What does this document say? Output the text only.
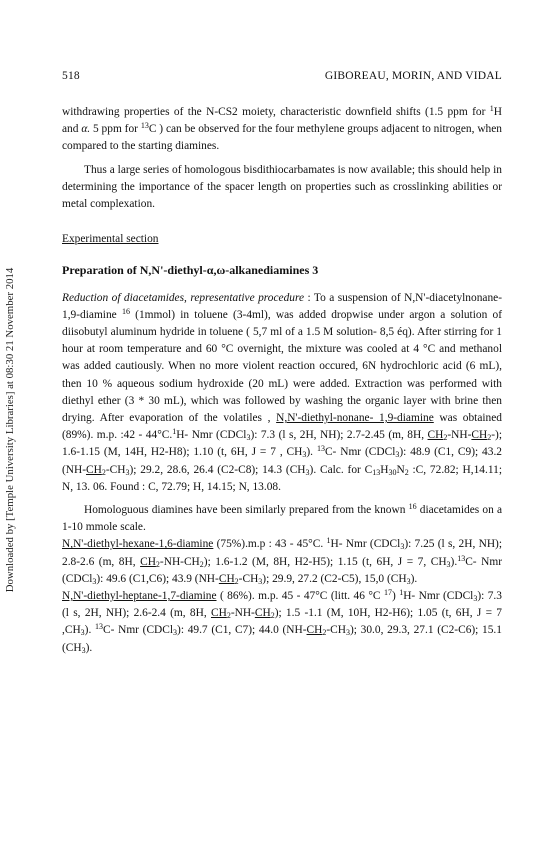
Downloaded by [Temple University Libraries] at 08:30 21 November 2014
518	GIBOREAU, MORIN, AND VIDAL

withdrawing properties of the N-CS2 moiety, characteristic downfield shifts (1.5 ppm for $^1$H and α. 5 ppm for $^{13}$C ) can be observed for the four methylene groups adjacent to nitrogen, when compared to the starting diamines.

Thus a large series of homologous bisdithiocarbamates is now available; this should help in determining the importance of the spacer length on properties such as crosslinking abilities or metal complexation.

Experimental section

Preparation of N,N'-diethyl-α,ω-alkanediamines 3

Reduction of diacetamides, representative procedure : To a suspension of N,N'-diacetylnonane-1,9-diamine $^{16}$ (1mmol) in toluene (3-4ml), was added dropwise under argon a solution of diisobutyl aluminum hydride in toluene ( 5,7 ml of a 1.5 M solution- 8,5 éq). After stirring for 1 hour at room temperature and 60 °C overnight, the mixture was cooled at 4 °C and methanol was added cautiously. When no more violent reaction occured, 6N hydrochloric acid (6 mL), then 10 % aqueous sodium hydroxide (20 mL) were added. Extraction was performed with diethyl ether (3 * 30 mL), which was followed by washing the organic layer with brine then drying. After evaporation of the volatiles , N,N'-diethyl-nonane- 1,9-diamine was obtained (89%). m.p. :42 - 44°C.$^1$H- Nmr (CDCl$_3$): 7.3 (l s, 2H, NH); 2.7-2.45 (m, 8H, $CH_2-NH-CH_2-$); 1.6-1.15 (M, 14H, H2-H8); 1.10 (t, 6H, J = 7 , $CH_3$). $^{13}$C- Nmr (CDCl$_3$): 48.9 (C1, C9); 43.2 $(NH-CH_2-CH_3)$; 29.2, 28.6, 26.4 (C2-C8); 14.3 $(CH_3)$. Calc. for $C_{13}H_{30}N_2$ :C, 72.82; H,14.11; N, 13. 06. Found : C, 72.79; H, 14.15; N, 13.08.

Homologuous diamines have been similarly prepared from the known $^{16}$ diacetamides on a 1-10 mmole scale.

N,N'-diethyl-hexane-1,6-diamine (75%).m.p : 43 - 45°C. $^1$H- Nmr (CDCl$_3$): 7.25 (l s, 2H, NH); 2.8-2.6 (m, 8H, $CH_2-NH-CH_2$); 1.6-1.2 (M, 8H, H2-H5); 1.15 (t, 6H, J = 7, $CH_3).^{13}C-$ Nmr (CDCl$_3$): 49.6 (C1,C6); 43.9 $(NH-CH_2-CH_3)$; 29.9, 27.2 (C2-C5), 15,0 $(CH_3)$.

N,N'-diethyl-heptane-1,7-diamine ( 86%). m.p. 45 - 47°C (litt. 46 °C $^{17}$) $^1$H- Nmr (CDCl$_3$): 7.3 (l s, 2H, NH); 2.6-2.4 (m, 8H, $CH_2-NH-CH_2$); 1.5 -1.1 (M, 10H, H2-H6); 1.05 (t, 6H, J = 7 $,CH_3$). $^{13}$C- Nmr (CDCl$_3$): 49.7 (C1, C7); 44.0 $(NH-CH_2-CH_3)$; 30.0, 29.3, 27.1 (C2-C6); 15.1 $(CH_3)$.
